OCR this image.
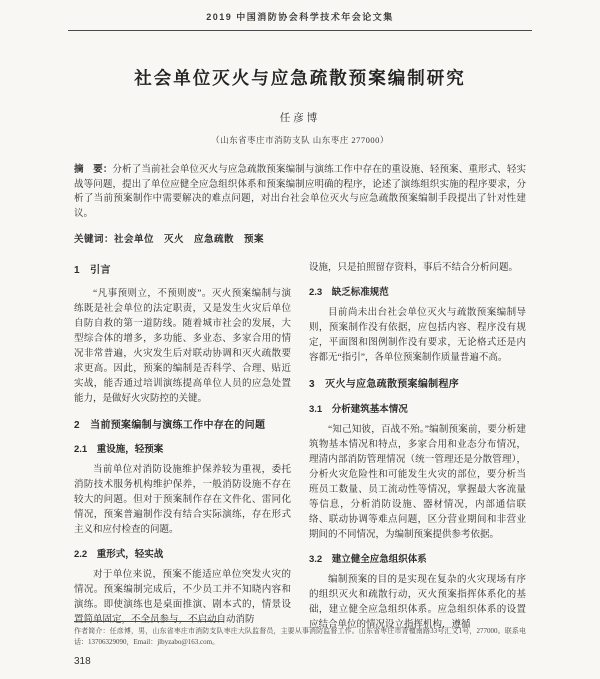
2019 中国消防协会科学技术年会论文集
社会单位灭火与应急疏散预案编制研究
任彦博
（山东省枣庄市消防支队 山东枣庄 277000）

摘　要：分析了当前社会单位灭火与应急疏散预案编制与演练工作中存在的重设施、轻预案、重形式、轻实战等问题，提出了单位应健全应急组织体系和预案编制应明确的程序，论述了演练组织实施的程序要求，分析了当前预案制作中需要解决的难点问题，对出台社会单位灭火与应急疏散预案编制手段提出了针对性建议。

关键词：社会单位　灭火　应急疏散　预案

1　引言

“凡事预则立，不预则废”。灭火预案编制与演练既是社会单位的法定职责，又是发生火灾后单位自防自救的第一道防线。随着城市社会的发展，大型综合体的增多，多功能、多业态、多家合用的情况非常普遍，火灾发生后对联动协调和灭火疏散要求更高。因此，预案的编制是否科学、合理、贴近实战，能否通过培训演练提高单位人员的应急处置能力，是做好火灾防控的关键。

2　当前预案编制与演练工作中存在的问题
2.1　重设施，轻预案

当前单位对消防设施维护保养较为重视，委托消防技术服务机构维护保养，一般消防设施不存在较大的问题。但对于预案制作存在文件化、雷同化情况，预案普遍制作没有结合实际演练，存在形式主义和应付检查的问题。

2.2　重形式，轻实战

对于单位来说，预案不能适应单位突发火灾的情况。预案编制完成后，不少员工并不知晓内容和演练。即使演练也是桌面推演、剧本式的，情景设置简单固定，不全员参与，不启动自动消防

设施，只是拍照留存资料，事后不结合分析问题。

2.3　缺乏标准规范

目前尚未出台社会单位灭火与疏散预案编制导则，预案制作没有依据，应包括内容、程序没有规定，平面图和图例制作没有要求，无论格式还是内容都无“指引”，各单位预案制作质量普遍不高。

3　灭火与应急疏散预案编制程序
3.1　分析建筑基本情况

“知己知彼，百战不殆。”编制预案前，要分析建筑物基本情况和特点，多家合用和业态分布情况，理清内部消防管理情况（统一管理还是分散管理），分析火灾危险性和可能发生火灾的部位，要分析当班员工数量、员工流动性等情况，掌握最大客流量等信息，分析消防设施、器材情况，内部通信联络、联动协调等难点问题，区分营业期间和非营业期间的不同情况，为编制预案提供参考依据。

3.2　建立健全应急组织体系

编制预案的目的是实现在复杂的火灾现场有序的组织灭火和疏散行动，灭火预案指挥体系化的基础，建立健全应急组织体系。应急组织体系的设置应结合单位的情况设立指挥机构，遵循

作者简介：任彦博，男，山东省枣庄市消防支队枣庄大队监督员，主要从事消防监督工作。山东省枣庄市青檀南路33号汇文1号，277000。联系电话：13706329090，Email：jlbyzabo@163.com。

318
